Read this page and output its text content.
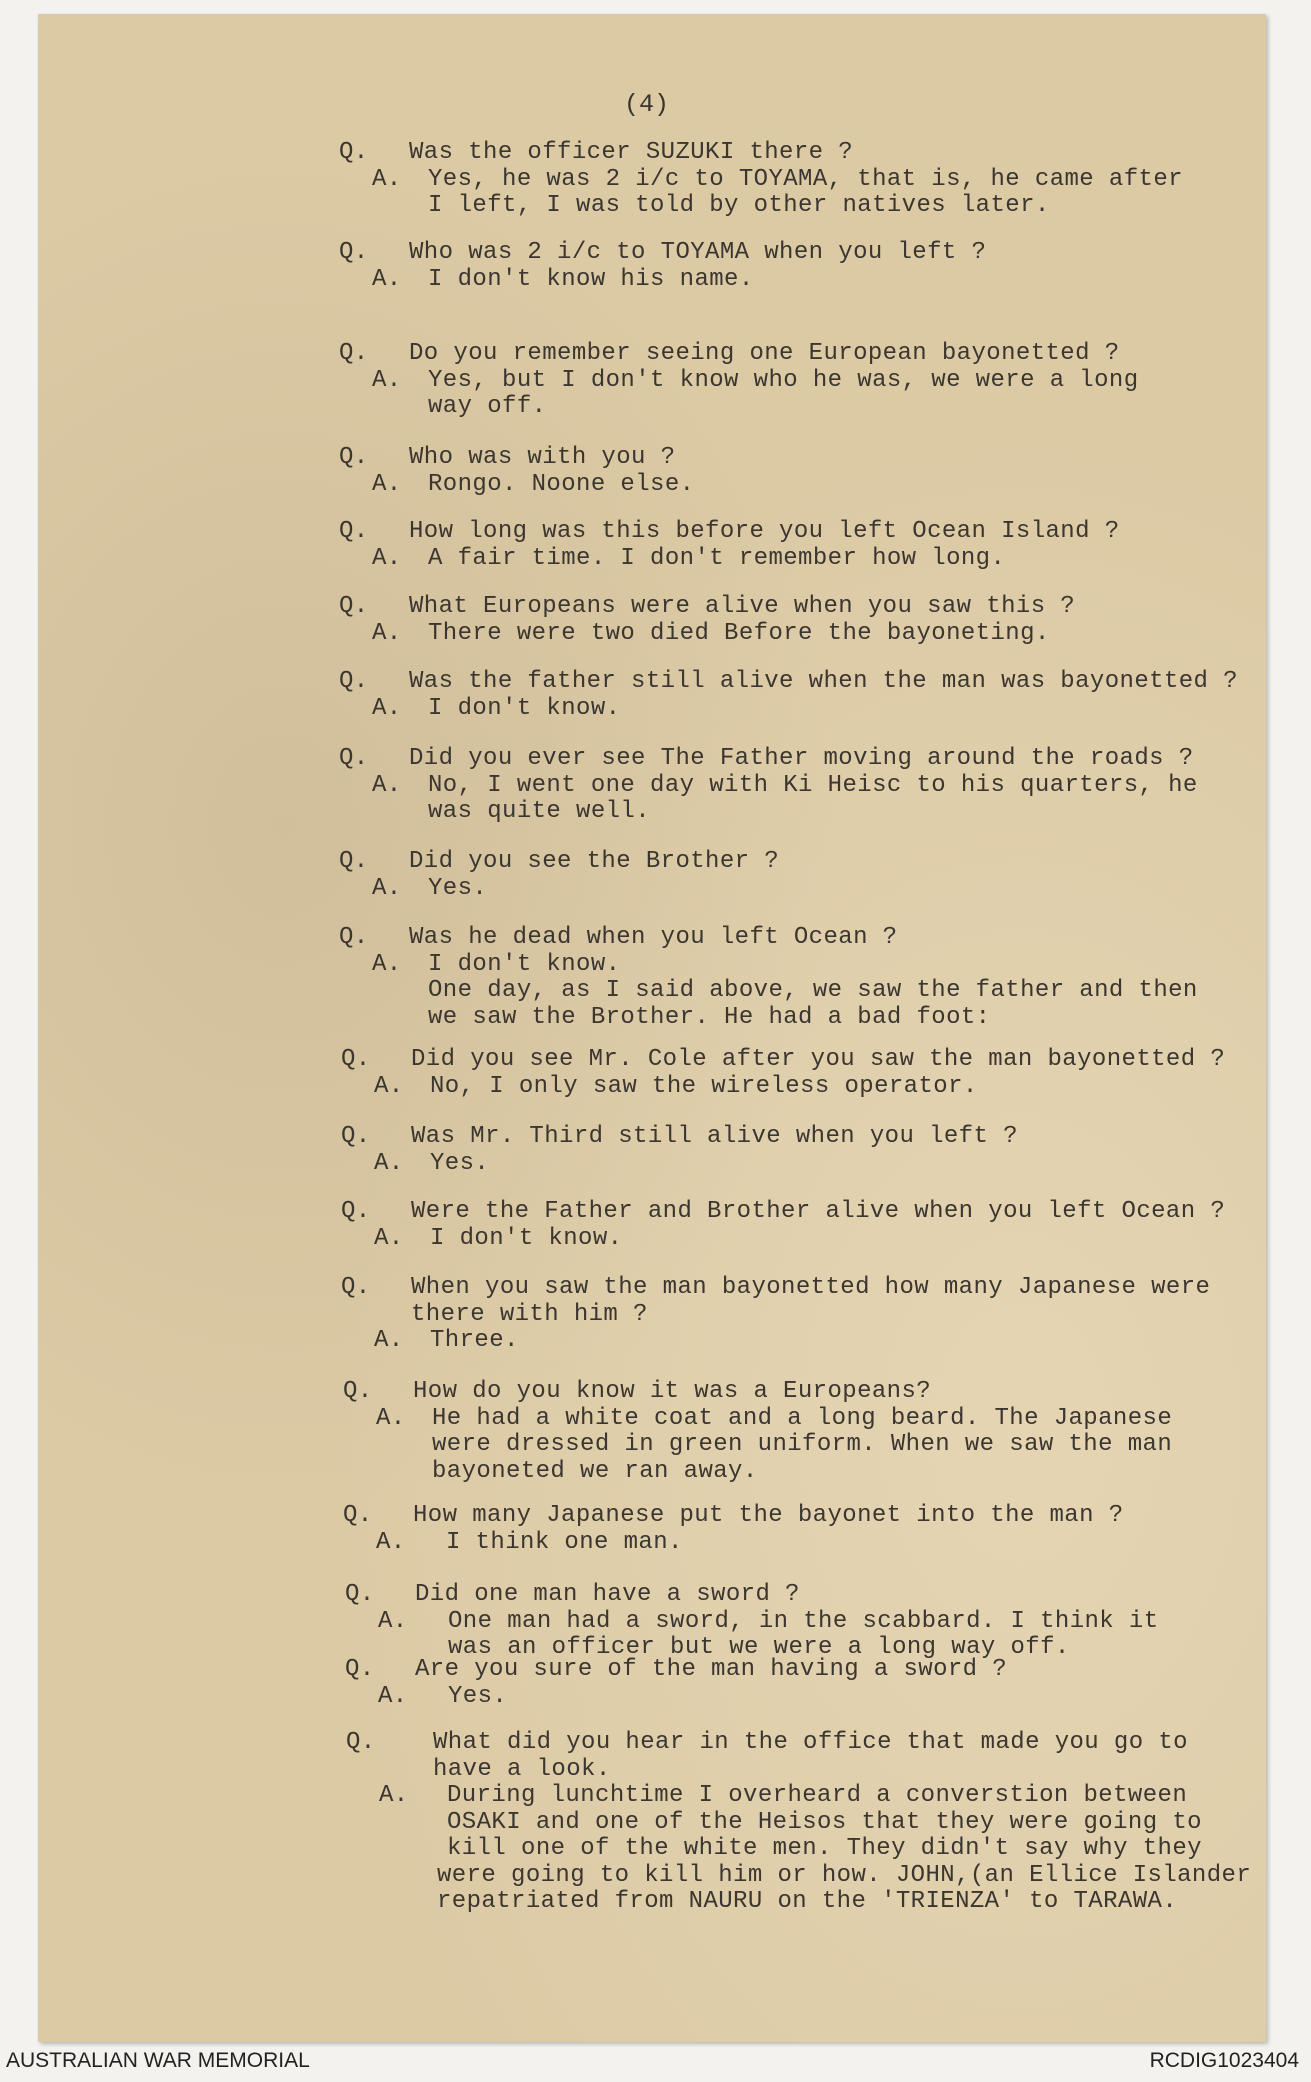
(4)
Q. Was the officer SUZUKI there ?
A. Yes, he was 2 i/c to TOYAMA, that is, he came after
I left, I was told by other natives later.
Q. Who was 2 i/c to TOYAMA when you left ?
A. I don't know his name.
Q. Do you remember seeing one European bayonetted ?
A. Yes, but I don't know who he was, we were a long
way off.
Q. Who was with you ?
A. Rongo. Noone else.
Q. How long was this before you left Ocean Island ?
A. A fair time. I don't remember how long.
Q. What Europeans were alive when you saw this ?
A. There were two died Before the bayoneting.
Q. Was the father still alive when the man was bayonetted ?
A. I don't know.
Q. Did you ever see The Father moving around the roads ?
A. No, I went one day with Ki Heisc to his quarters, he
was quite well.
Q. Did you see the Brother ?
A. Yes.
Q. Was he dead when you left Ocean ?
A. I don't know.
One day, as I said above, we saw the father and then
we saw the Brother. He had a bad foot:
Q. Did you see Mr. Cole after you saw the man bayonetted ?
A. No, I only saw the wireless operator.
Q. Was Mr. Third still alive when you left ?
A. Yes.
Q. Were the Father and Brother alive when you left Ocean ?
A. I don't know.
Q. When you saw the man bayonetted how many Japanese were
there with him ?
A. Three.
Q. How do you know it was a Europeans?
A. He had a white coat and a long beard. The Japanese
were dressed in green uniform. When we saw the man
bayoneted we ran away.
Q. How many Japanese put the bayonet into the man ?
A. I think one man.
Q. Did one man have a sword ?
A. One man had a sword, in the scabbard. I think it
was an officer but we were a long way off.
Q. Are you sure of the man having a sword ?
A. Yes.
Q. What did you hear in the office that made you go to
have a look.
A. During lunchtime I overheard a converstion between
OSAKI and one of the Heisos that they were going to
kill one of the white men. They didn't say why they
were going to kill him or how. JOHN,(an Ellice Islander
repatriated from NAURU on the 'TRIENZA' to TARAWA.
AUSTRALIAN WAR MEMORIAL	RCDIG1023404
